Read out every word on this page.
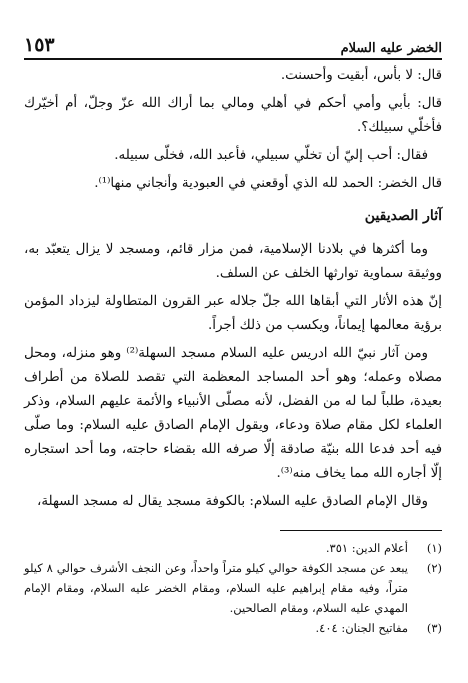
الخضر عليه السلام
١٥٣

قال: لا بأس، أبقيت وأحسنت.

قال: بأبي وأمي أحكم في أهلي ومالي بما أراك الله عزّ وجلّ، أم أخيّرك فأخلّي سبيلك؟.

فقال: أحب إليّ أن تخلّي سبيلي، فأعبد الله، فخلّى سبيله.

قال الخضر: الحمد لله الذي أوقعني في العبودية وأنجاني منها⁽¹⁾.

آثار الصديقين

وما أكثرها في بلادنا الإسلامية، فمن مزار قائم، ومسجد لا يزال يتعبّد به، ووثيقة سماوية توارثها الخلف عن السلف.

إنّ هذه الأثار التي أبقاها الله جلّ جلاله عبر القرون المتطاولة ليزداد المؤمن برؤية معالمها إيماناً، ويكسب من ذلك أجراً.

ومن آثار نبيّ الله ادريس عليه السلام مسجد السهلة⁽²⁾ وهو منزله، ومحل مصلاه وعمله؛ وهو أحد المساجد المعظمة التي تقصد للصلاة من أطراف بعيدة، طلباً لما له من الفضل، لأنه مصلّى الأنبياء والأئمة عليهم السلام، وذكر العلماء لكل مقام صلاة ودعاء، ويقول الإمام الصادق عليه السلام: وما صلّى فيه أحد فدعا الله بنيّة صادقة إلّا صرفه الله بقضاء حاجته، وما أحد استجاره إلّا أجاره الله مما يخاف منه⁽³⁾.

وقال الإمام الصادق عليه السلام: بالكوفة مسجد يقال له مسجد السهلة،

(١)
أعلام الدين: ٣٥١.
(٢)
يبعد عن مسجد الكوفة حوالي كيلو متراً واحداً، وعن النجف الأشرف حوالي ٨ كيلو متراً، وفيه مقام إبراهيم عليه السلام، ومقام الخضر عليه السلام، ومقام الإمام المهدي عليه السلام، ومقام الصالحين.
(٣)
مفاتيح الجنان: ٤٠٤.
